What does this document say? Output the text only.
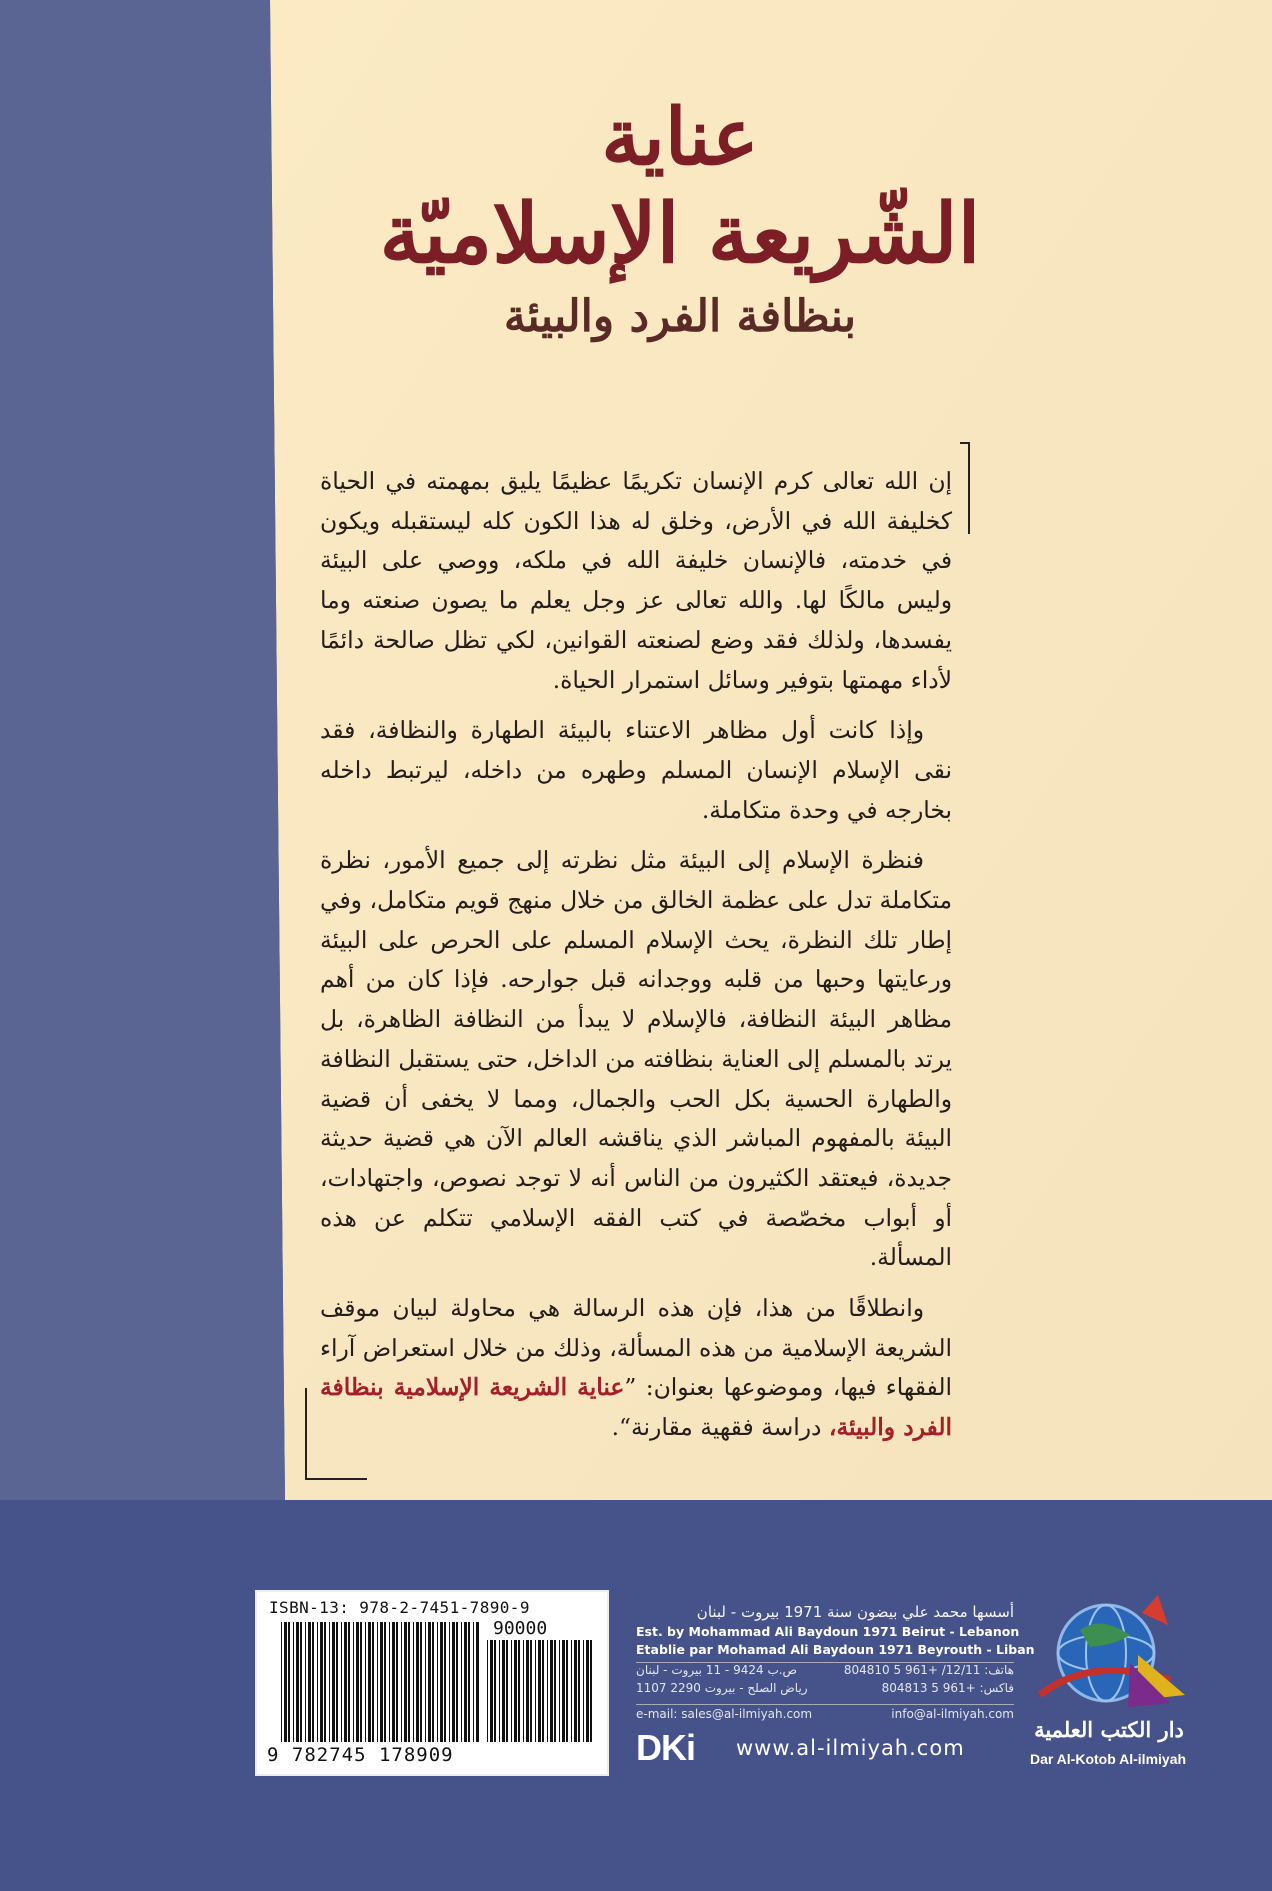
عناية
الشّريعة الإسلاميّة
بنظافة الفرد والبيئة

إن الله تعالى كرم الإنسان تكريمًا عظيمًا يليق بمهمته في الحياة كخليفة الله في الأرض، وخلق له هذا الكون كله ليستقبله ويكون في خدمته، فالإنسان خليفة الله في ملكه، ووصي على البيئة وليس مالكًا لها. والله تعالى عز وجل يعلم ما يصون صنعته وما يفسدها، ولذلك فقد وضع لصنعته القوانين، لكي تظل صالحة دائمًا لأداء مهمتها بتوفير وسائل استمرار الحياة.

وإذا كانت أول مظاهر الاعتناء بالبيئة الطهارة والنظافة، فقد نقى الإسلام الإنسان المسلم وطهره من داخله، ليرتبط داخله بخارجه في وحدة متكاملة.

فنظرة الإسلام إلى البيئة مثل نظرته إلى جميع الأمور، نظرة متكاملة تدل على عظمة الخالق من خلال منهج قويم متكامل، وفي إطار تلك النظرة، يحث الإسلام المسلم على الحرص على البيئة ورعايتها وحبها من قلبه ووجدانه قبل جوارحه. فإذا كان من أهم مظاهر البيئة النظافة، فالإسلام لا يبدأ من النظافة الظاهرة، بل يرتد بالمسلم إلى العناية بنظافته من الداخل، حتى يستقبل النظافة والطهارة الحسية بكل الحب والجمال، ومما لا يخفى أن قضية البيئة بالمفهوم المباشر الذي يناقشه العالم الآن هي قضية حديثة جديدة، فيعتقد الكثيرون من الناس أنه لا توجد نصوص، واجتهادات، أو أبواب مخصّصة في كتب الفقه الإسلامي تتكلم عن هذه المسألة.

وانطلاقًا من هذا، فإن هذه الرسالة هي محاولة لبيان موقف الشريعة الإسلامية من هذه المسألة، وذلك من خلال استعراض آراء الفقهاء فيها، وموضوعها بعنوان: ”عناية الشريعة الإسلامية بنظافة الفرد والبيئة، دراسة فقهية مقارنة“.

ISBN-13: 978-2-7451-7890-9
90000
9 782745 178909
أسسها محمد علي بيضون سنة 1971 بيروت - لبنان
Est. by Mohammad Ali Baydoun 1971 Beirut - Lebanon
Etablie par Mohamad Ali Baydoun 1971 Beyrouth - Liban
هاتف: 12/11/ +961 5 804810
ص.ب 9424 - 11 بيروت - لبنان
فاكس: +961 5 804813
رياض الصلح - بيروت 2290 1107
e-mail: sales@al-ilmiyah.com	info@al-ilmiyah.com
DKi www.al-ilmiyah.com
دار الكتب العلمية
Dar Al-Kotob Al-ilmiyah
